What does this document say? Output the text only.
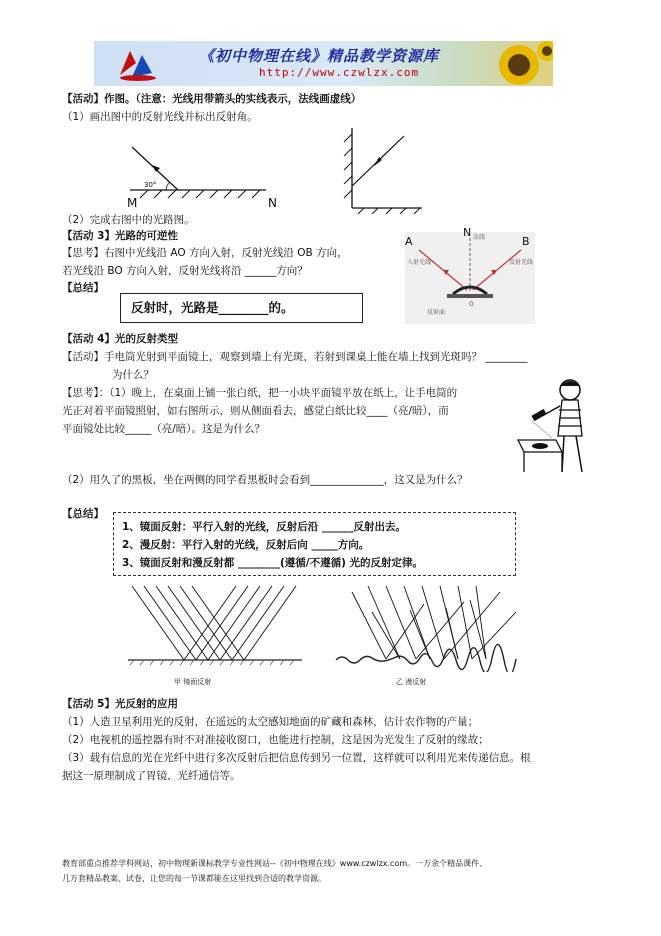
《初中物理在线》精品教学资源库
http://www.czwlzx.com
【活动】作图。（注意：光线用带箭头的实线表示，法线画虚线）
（1）画出图中的反射光线并标出反射角。
30°
M	N
（2）完成右图中的光路图。
【活动 3】光路的可逆性
【思考】右图中光线沿 AO 方向入射，反射光线沿 OB 方向，
若光线沿 BO 方向入射，反射光线将沿 ______方向？
A	B
N 法线
入射光线	反射光线
O
反射面
【总结】
反射时，光路是________的。
【活动 4】光的反射类型
【活动】手电筒光射到平面镜上，观察到墙上有光斑，若射到课桌上能在墙上找到光斑吗？ ________
为什么？
【思考】：（1）晚上，在桌面上铺一张白纸，把一小块平面镜平放在纸上，让手电筒的
光正对着平面镜照射，如右图所示，则从侧面看去，感觉白纸比较____（亮/暗），而
平面镜处比较_____（亮/暗）。这是为什么？
（2）用久了的黑板，坐在两侧的同学看黑板时会看到______________，这又是为什么？
【总结】
1、镜面反射：平行入射的光线，反射后沿 ______反射出去。
2、漫反射：平行入射的光线，反射后向 _____方向。
3、镜面反射和漫反射都 ________(遵循/不遵循) 光的反射定律。
甲 镜面反射	乙 漫反射
【活动 5】光反射的应用
（1）人造卫星利用光的反射，在遥远的太空感知地面的矿藏和森林，估计农作物的产量；
（2）电视机的遥控器有时不对准接收窗口，也能进行控制，这是因为光发生了反射的缘故；
（3）载有信息的光在光纤中进行多次反射后把信息传到另一位置，这样就可以利用光来传递信息。根
据这一原理制成了胃镜、光纤通信等。
教育部重点推荐学科网站，初中物理新课标教学专业性网站--《初中物理在线》www.czwlzx.com。一万余个精品课件、
几万套精品教案、试卷，让您的每一节课都能在这里找到合适的教学资源。
